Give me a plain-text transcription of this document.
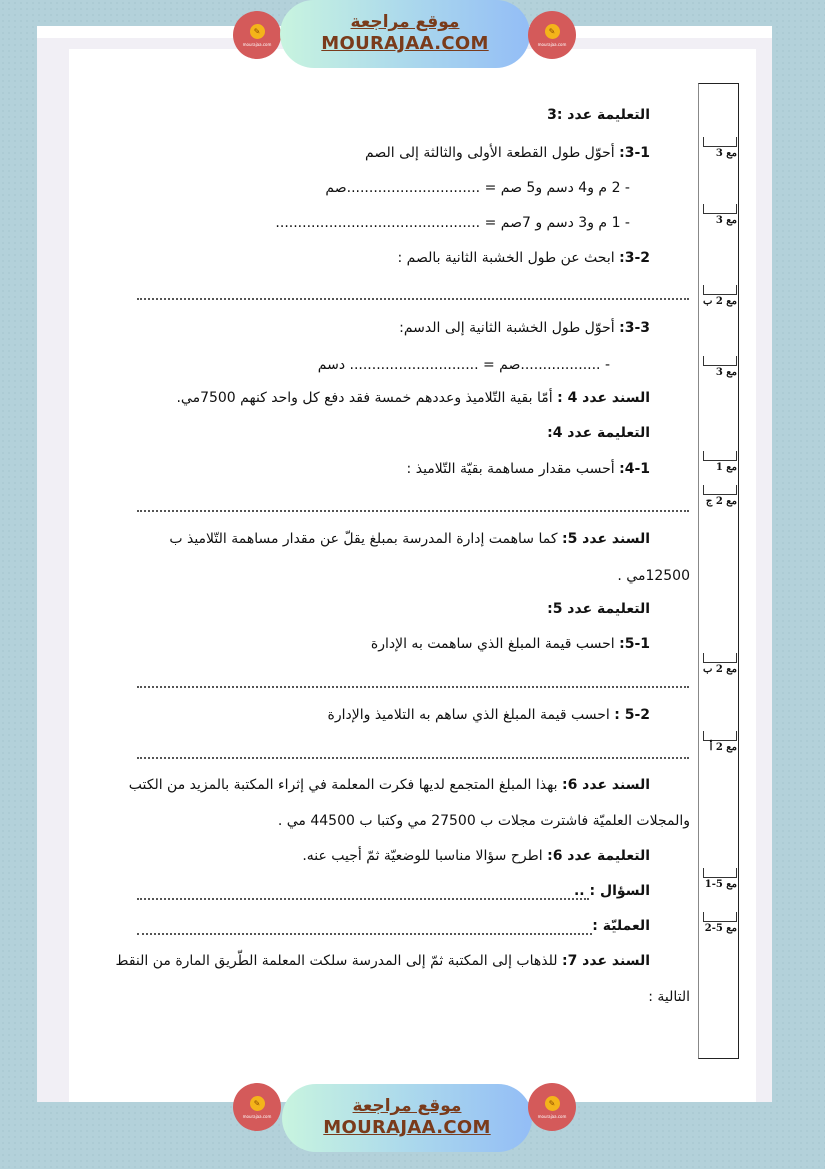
✎
mourajaa.com
موقع مراجعة
MOURAJAA.COM
✎
mourajaa.com
✎
mourajaa.com	موقع مراجعة
MOURAJAA.COM
✎
mourajaa.com
مع 3
مع 3
مع 2 ب
مع 3
مع 1
مع 2 ج
مع 2 ب
مع 2 أ
مع 5-1
مع 5-2
التعليمة عدد :3
3-1: أحوّل طول القطعة الأولى والثالثة إلى الصم
- 2 م و4 دسم و5 صم = ..............................صم
- 1 م و3 دسم و 7صم = ..............................................
3-2: ابحث عن طول الخشبة الثانية بالصم :
3-3: أحوّل طول الخشبة الثانية إلى الدسم:
- ..................صم = ............................. دسم
السند عدد 4 : أمّا بقية التّلاميذ وعددهم خمسة فقد دفع كل واحد كنهم 7500مي.
التعليمة عدد 4:
4-1: أحسب مقدار مساهمة بقيّة التّلاميذ :
السند عدد 5: كما ساهمت إدارة المدرسة بمبلغ يقلّ عن مقدار مساهمة التّلاميذ ب
12500مي .
التعليمة عدد 5:
5-1: احسب قيمة المبلغ الذي ساهمت به الإدارة
5-2 : احسب قيمة المبلغ الذي ساهم به التلاميذ والإدارة
السند عدد 6: بهذا المبلغ المتجمع لديها فكرت المعلمة في إثراء المكتبة بالمزيد من الكتب
والمجلات العلميّة فاشترت مجلات ب 27500 مي وكتبا ب 44500 مي .
التعليمة عدد 6: اطرح سؤالا مناسبا للوضعيّة ثمّ أجيب عنه.
السؤال : ..
العمليّة :
السند عدد 7: للذهاب إلى المكتبة ثمّ إلى المدرسة سلكت المعلمة الطّريق المارة من النقط
التالية :
